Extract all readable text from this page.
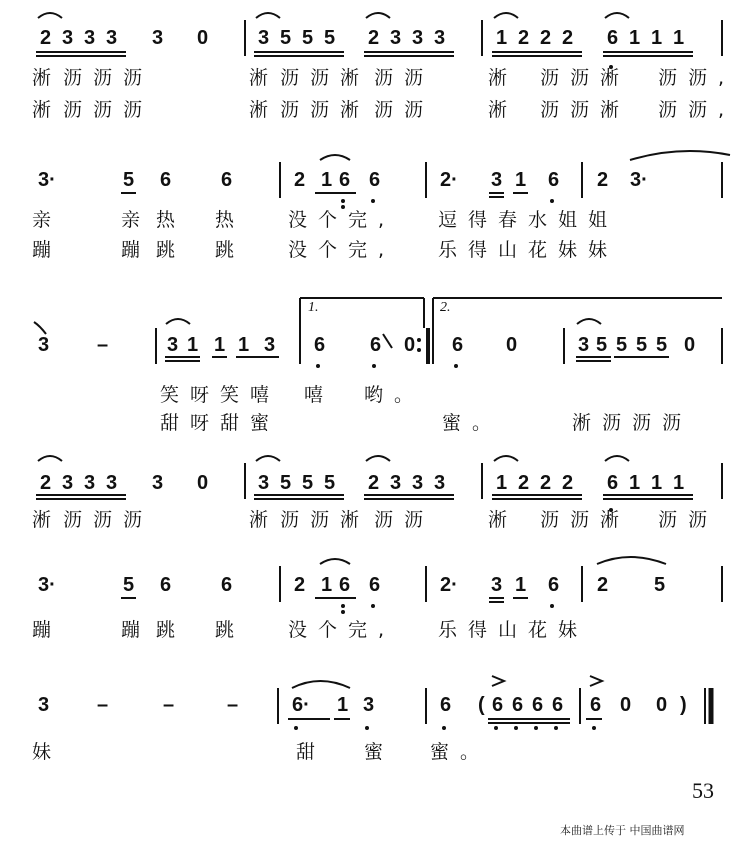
2 3 3 3 3 0 3 5 5 5 2 3 3 3	1 2 2 2 6 1 1 1
淅 沥沥沥	淅 沥沥淅 沥沥	淅 沥沥淅 沥沥,
淅 沥沥沥	淅 沥沥淅 沥沥	淅 沥沥淅 沥沥,
3·	5 6 6	2 1 6 6	2· 3 1 6 2 3·
亲	亲 热 热 没个完, 逗得春水姐姐
蹦	蹦 跳 跳 没个完, 乐得山花妹妹
3 –	3 1 1 1 3 6 6 0 6 0	3 5 5 5 5 0
笑呀笑嘻 嘻 哟。
甜呀甜蜜	蜜。	淅沥沥沥
2 3 3 3 3 0 3 5 5 5 2 3 3 3	1 2 2 2 6 1 1 1
淅 沥沥沥	淅 沥沥淅 沥沥	淅 沥沥淅 沥沥
3·	5 6 6	2 1 6 6	2· 3 1 6 2 5
蹦	蹦 跳 跳 没个完, 乐得山花妹
3 –	–	–	6· 1 3	6 ( 6 6 6 6 6 0 0 )
妹	甜 蜜 蜜。
1.	2.
53
本曲谱上传于 中国曲谱网
